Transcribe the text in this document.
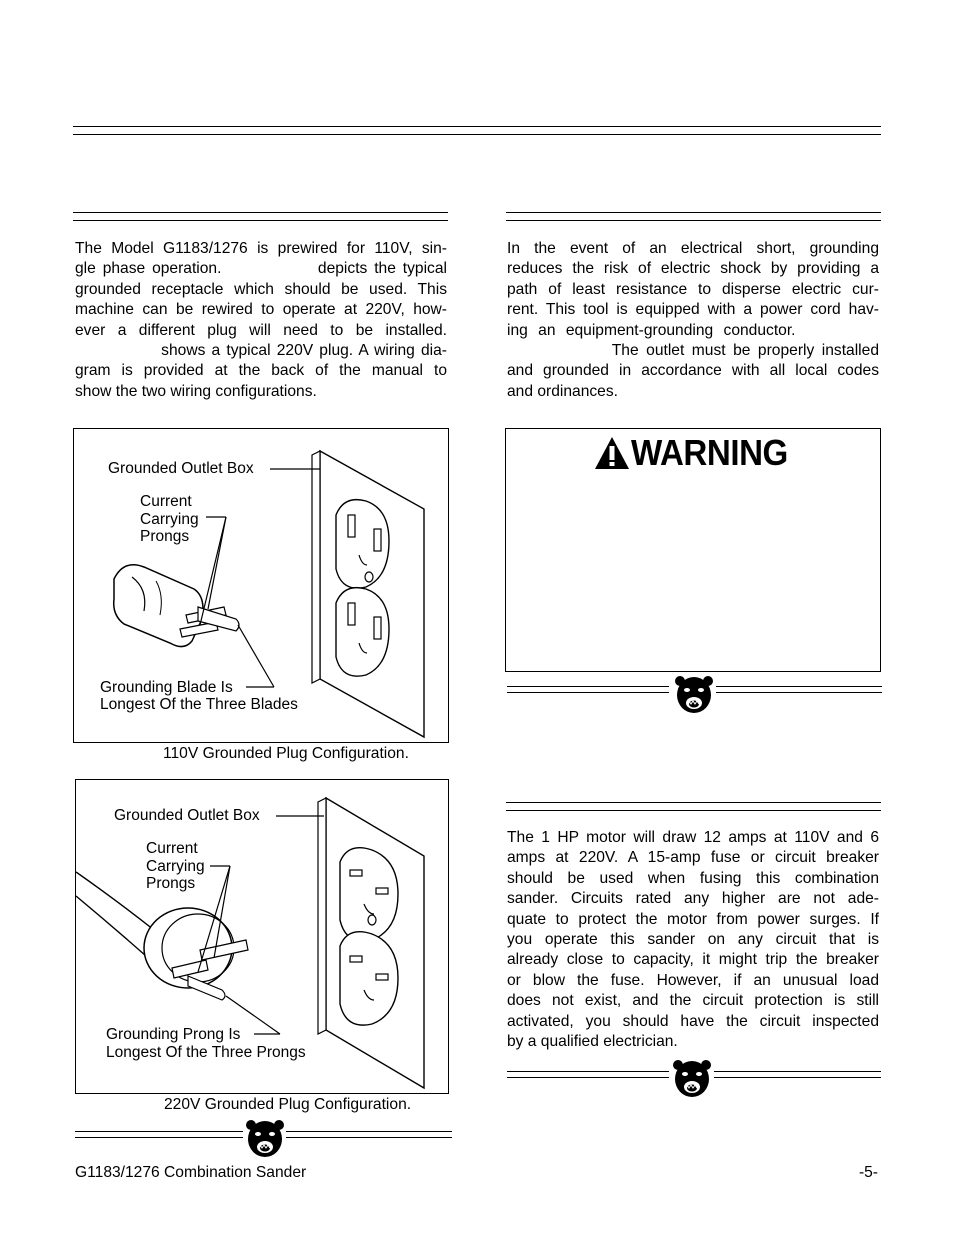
The Model G1183/1276 is prewired for 110V, sin-
gle phase operation.              depicts the typical
grounded receptacle which should be used. This
machine can be rewired to operate at 220V, how-
ever a different plug will need to be installed.
shows a typical 220V plug. A wiring dia-
gram is provided at the back of the manual to
show the two wiring configurations.
In the event of an electrical short, grounding
reduces the risk of electric shock by providing a
path of least resistance to disperse electric cur-
rent. This tool is equipped with a power cord hav-
ing an equipment-grounding conductor.
The outlet must be properly installed
and grounded in accordance with all local codes
and ordinances.
Grounded Outlet Box
Current
Carrying
Prongs
Grounding Blade Is
Longest Of the Three Blades
110V Grounded Plug Configuration.
Grounded Outlet Box
Current
Carrying
Prongs
Grounding Prong Is
Longest Of the Three Prongs
220V Grounded Plug Configuration.
WARNING
The 1 HP motor will draw 12 amps at 110V and 6
amps at 220V. A 15-amp fuse or circuit breaker
should be used when fusing this combination
sander. Circuits rated any higher are not ade-
quate to protect the motor from power surges. If
you operate this sander on any circuit that is
already close to capacity, it might trip the breaker
or blow the fuse. However, if an unusual load
does not exist, and the circuit protection is still
activated, you should have the circuit inspected
by a qualified electrician.
G1183/1276 Combination Sander	-5-
